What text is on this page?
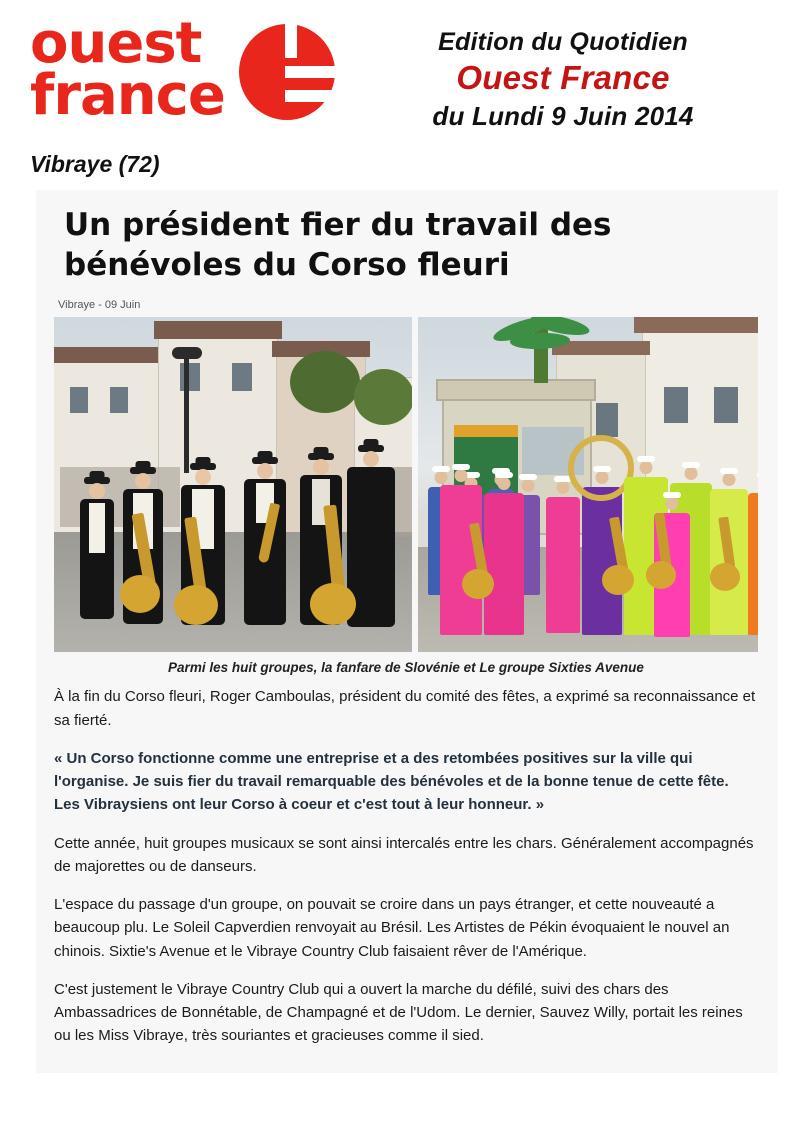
ouest
france
Edition du Quotidien
Ouest France
du Lundi 9 Juin 2014
Vibraye (72)
Un président fier du travail des bénévoles du Corso fleuri
Vibraye - 09 Juin
Parmi les huit groupes, la fanfare de Slovénie et Le groupe Sixties Avenue

À la fin du Corso fleuri, Roger Camboulas, président du comité des fêtes, a exprimé sa reconnaissance et sa fierté.

« Un Corso fonctionne comme une entreprise et a des retombées positives sur la ville qui l'organise. Je suis fier du travail remarquable des bénévoles et de la bonne tenue de cette fête. Les Vibraysiens ont leur Corso à coeur et c'est tout à leur honneur. »

Cette année, huit groupes musicaux se sont ainsi intercalés entre les chars. Généralement accompagnés de majorettes ou de danseurs.

L'espace du passage d'un groupe, on pouvait se croire dans un pays étranger, et cette nouveauté a beaucoup plu. Le Soleil Capverdien renvoyait au Brésil. Les Artistes de Pékin évoquaient le nouvel an chinois. Sixtie's Avenue et le Vibraye Country Club faisaient rêver de l'Amérique.

C'est justement le Vibraye Country Club qui a ouvert la marche du défilé, suivi des chars des Ambassadrices de Bonnétable, de Champagné et de l'Udom. Le dernier, Sauvez Willy, portait les reines ou les Miss Vibraye, très souriantes et gracieuses comme il sied.
